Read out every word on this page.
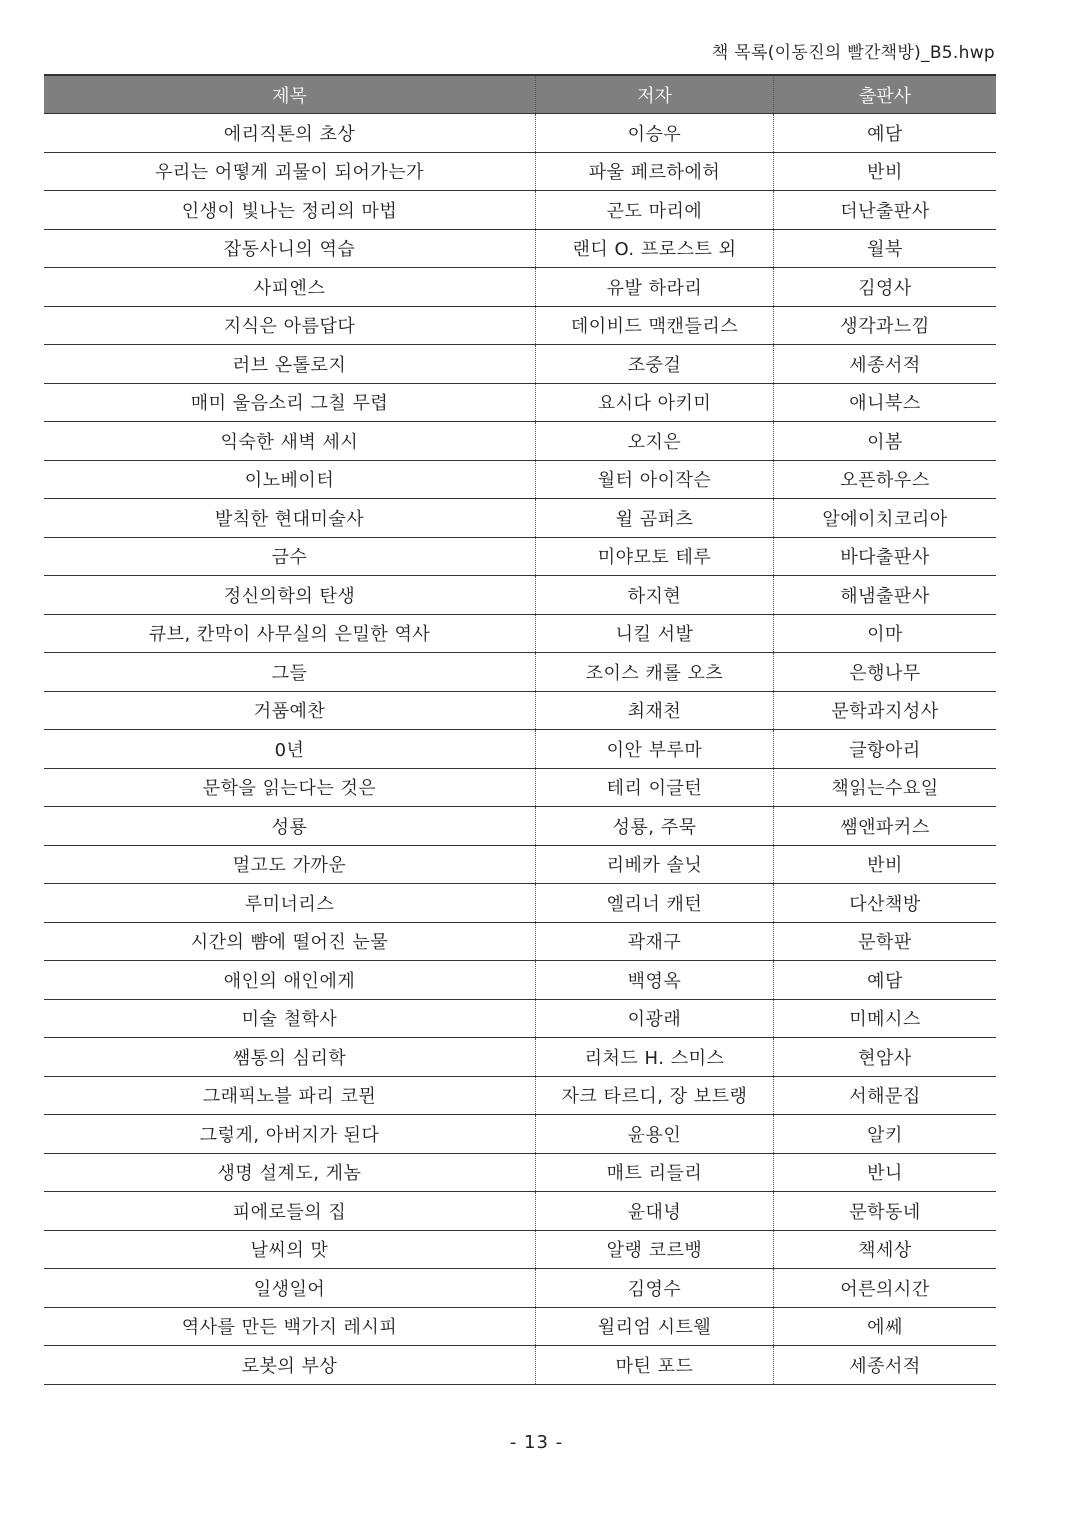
책 목록(이동진의 빨간책방)_B5.hwp
제목	저자	출판사
에리직톤의 초상	이승우	예담
우리는 어떻게 괴물이 되어가는가	파울 페르하에허	반비
인생이 빛나는 정리의 마법	곤도 마리에	더난출판사
잡동사니의 역습	랜디 O. 프로스트 외	월북
사피엔스	유발 하라리	김영사
지식은 아름답다	데이비드 맥캔들리스	생각과느낌
러브 온톨로지	조중걸	세종서적
매미 울음소리 그칠 무렵	요시다 아키미	애니북스
익숙한 새벽 세시	오지은	이봄
이노베이터	월터 아이작슨	오픈하우스
발칙한 현대미술사	윌 곰퍼츠	알에이치코리아
금수	미야모토 테루	바다출판사
정신의학의 탄생	하지현	해냄출판사
큐브, 칸막이 사무실의 은밀한 역사	니킬 서발	이마
그들	조이스 캐롤 오츠	은행나무
거품예찬	최재천	문학과지성사
0년	이안 부루마	글항아리
문학을 읽는다는 것은	테리 이글턴	책읽는수요일
성룡	성룡, 주묵	쌤앤파커스
멀고도 가까운	리베카 솔닛	반비
루미너리스	엘리너 캐턴	다산책방
시간의 뺨에 떨어진 눈물	곽재구	문학판
애인의 애인에게	백영옥	예담
미술 철학사	이광래	미메시스
쌤통의 심리학	리처드 H. 스미스	현암사
그래픽노블 파리 코뮌	자크 타르디, 장 보트랭	서해문집
그렇게, 아버지가 된다	윤용인	알키
생명 설계도, 게놈	매트 리들리	반니
피에로들의 집	윤대녕	문학동네
날씨의 맛	알랭 코르뱅	책세상
일생일어	김영수	어른의시간
역사를 만든 백가지 레시피	윌리엄 시트웰	에쎄
로봇의 부상	마틴 포드	세종서적
- 13 -
